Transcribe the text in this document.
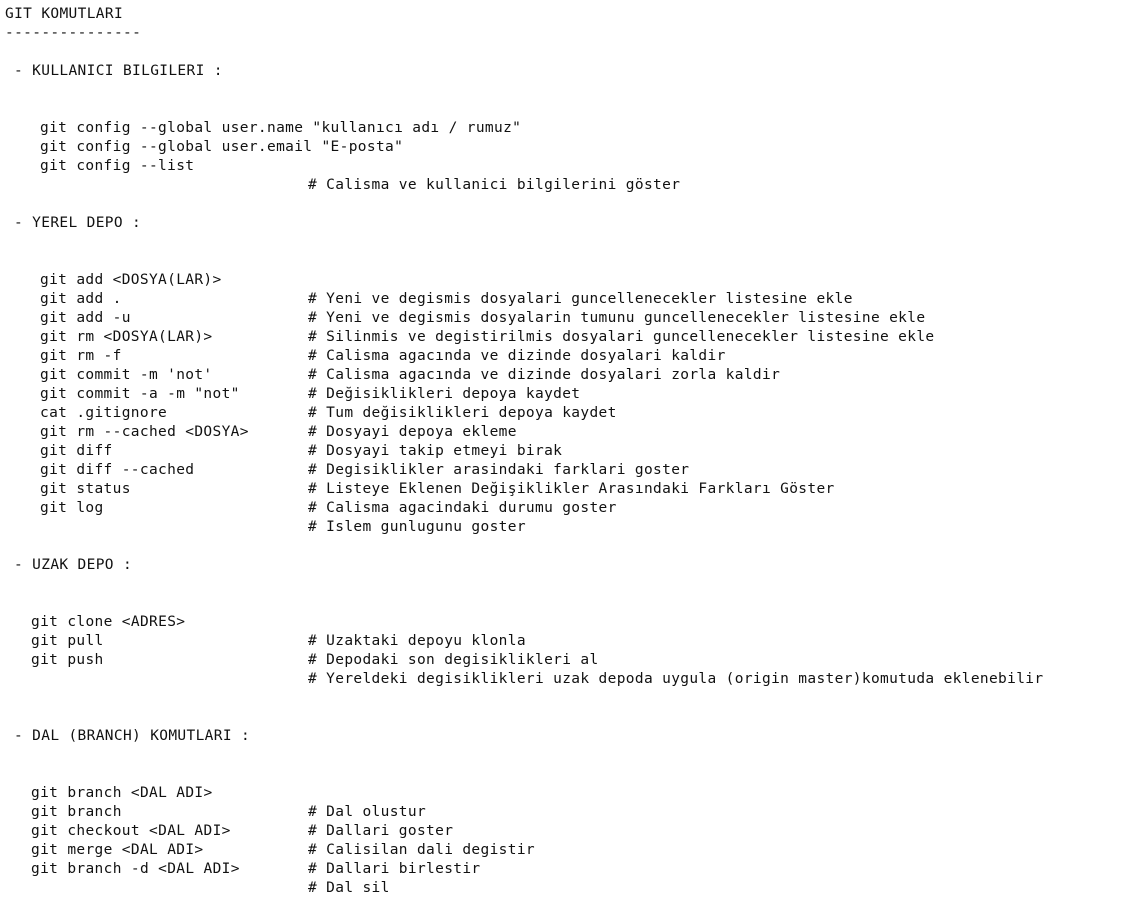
GIT KOMUTLARI
---------------
- KULLANICI BILGILERI :

git config --global user.name "kullanıcı adı / rumuz"

git config --global user.email "E-posta"

git config --list

# Calisma ve kullanici bilgilerini göster

- YEREL DEPO :

git add <DOSYA(LAR)>

# Yeni ve degismis dosyalari guncellenecekler listesine ekle

git add .

# Yeni ve degismis dosyalarin tumunu guncellenecekler listesine ekle

git add -u

# Silinmis ve degistirilmis dosyalari guncellenecekler listesine ekle

git rm <DOSYA(LAR)>

# Calisma agacında ve dizinde dosyalari kaldir

git rm -f

# Calisma agacında ve dizinde dosyalari zorla kaldir

git commit -m 'not'

# Değisiklikleri depoya kaydet

git commit -a -m "not"

# Tum değisiklikleri depoya kaydet

cat .gitignore

# Dosyayi depoya ekleme

git rm --cached <DOSYA>

# Dosyayi takip etmeyi birak

git diff

# Degisiklikler arasindaki farklari goster

git diff --cached

# Listeye Eklenen Değişiklikler Arasındaki Farkları Göster

git status

# Calisma agacindaki durumu goster

git log

# Islem gunlugunu goster

- UZAK DEPO :

git clone <ADRES>

# Uzaktaki depoyu klonla

git pull

# Depodaki son degisiklikleri al

git push

# Yereldeki degisiklikleri uzak depoda uygula (origin master)komutuda eklenebilir

- DAL (BRANCH) KOMUTLARI :

git branch <DAL ADI>

# Dal olustur

git branch

# Dallari goster

git checkout <DAL ADI>

# Calisilan dali degistir

git merge <DAL ADI>

# Dallari birlestir

git branch -d <DAL ADI>

# Dal sil
